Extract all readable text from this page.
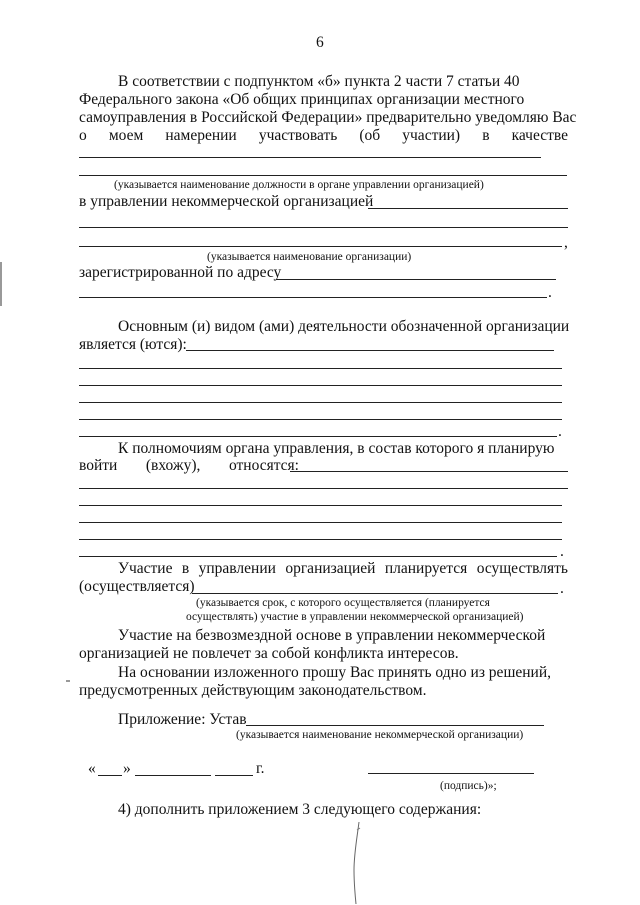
6
В соответствии с подпунктом «б» пункта 2 части 7 статьи 40
Федерального закона «Об общих принципах организации местного
самоуправления в Российской Федерации» предварительно уведомляю Вас
о моем намерении участвовать (об участии) в качестве
(указывается наименование должности в органе управлении организацией)
в управлении некоммерческой организацией
,
(указывается наименование организации)
зарегистрированной по адресу
.
Основным (и) видом (ами) деятельности обозначенной организации
является (ются):
.
К полномочиям органа управления, в состав которого я планирую
войти (вхожу), относятся:
.
Участие в управлении организацией планируется осуществлять
(осуществляется)	.
(указывается срок, с которого осуществляется (планируется
осуществлять) участие в управлении некоммерческой организацией)
Участие на безвозмездной основе в управлении некоммерческой
организацией не повлечет за собой конфликта интересов.
На основании изложенного прошу Вас принять одно из решений,
предусмотренных действующим законодательством.
Приложение: Устав
(указывается наименование некоммерческой организации)
« »	г.
(подпись)»;
4) дополнить приложением 3 следующего содержания:
